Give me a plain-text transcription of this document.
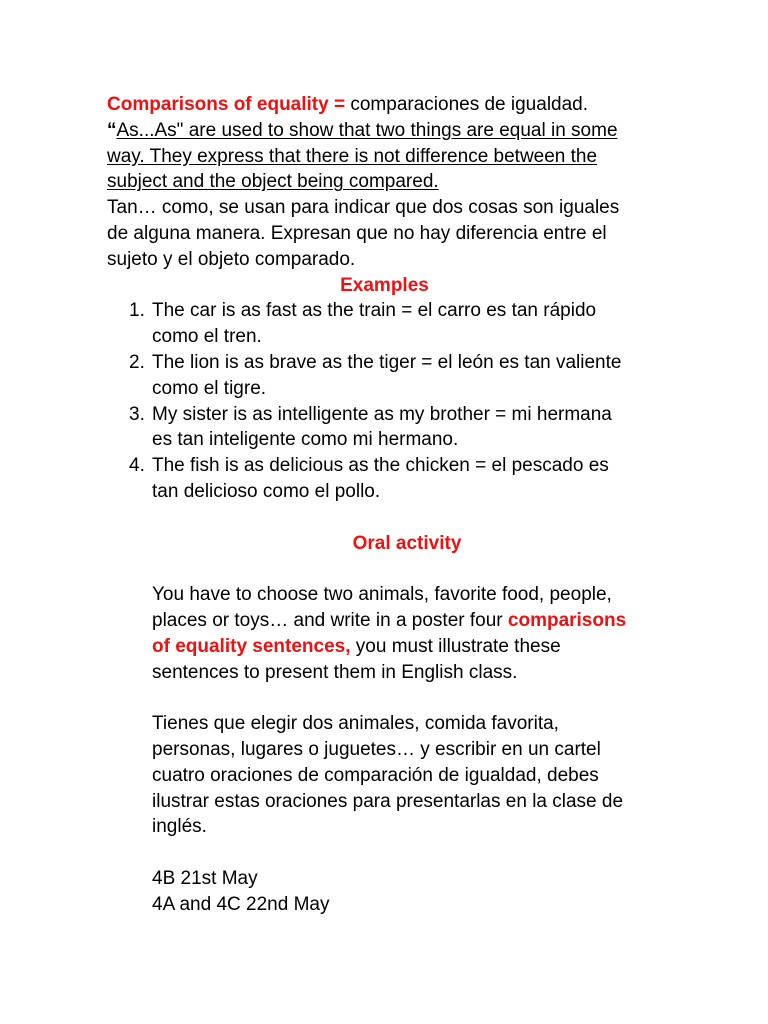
Comparisons of equality = comparaciones de igualdad.
“As...As" are used to show that two things are equal in some
way. They express that there is not difference between the
subject and the object being compared.
Tan… como, se usan para indicar que dos cosas son iguales
de alguna manera. Expresan que no hay diferencia entre el
sujeto y el objeto comparado.
Examples
1. The car is as fast as the train = el carro es tan rápido
como el tren.
2. The lion is as brave as the tiger = el león es tan valiente
como el tigre.
3. My sister is as intelligente as my brother = mi hermana
es tan inteligente como mi hermano.
4. The fish is as delicious as the chicken = el pescado es
tan delicioso como el pollo.
Oral activity
You have to choose two animals, favorite food, people,
places or toys… and write in a poster four comparisons
of equality sentences, you must illustrate these
sentences to present them in English class.
Tienes que elegir dos animales, comida favorita,
personas, lugares o juguetes… y escribir en un cartel
cuatro oraciones de comparación de igualdad, debes
ilustrar estas oraciones para presentarlas en la clase de
inglés.
4B 21st May
4A and 4C 22nd May
